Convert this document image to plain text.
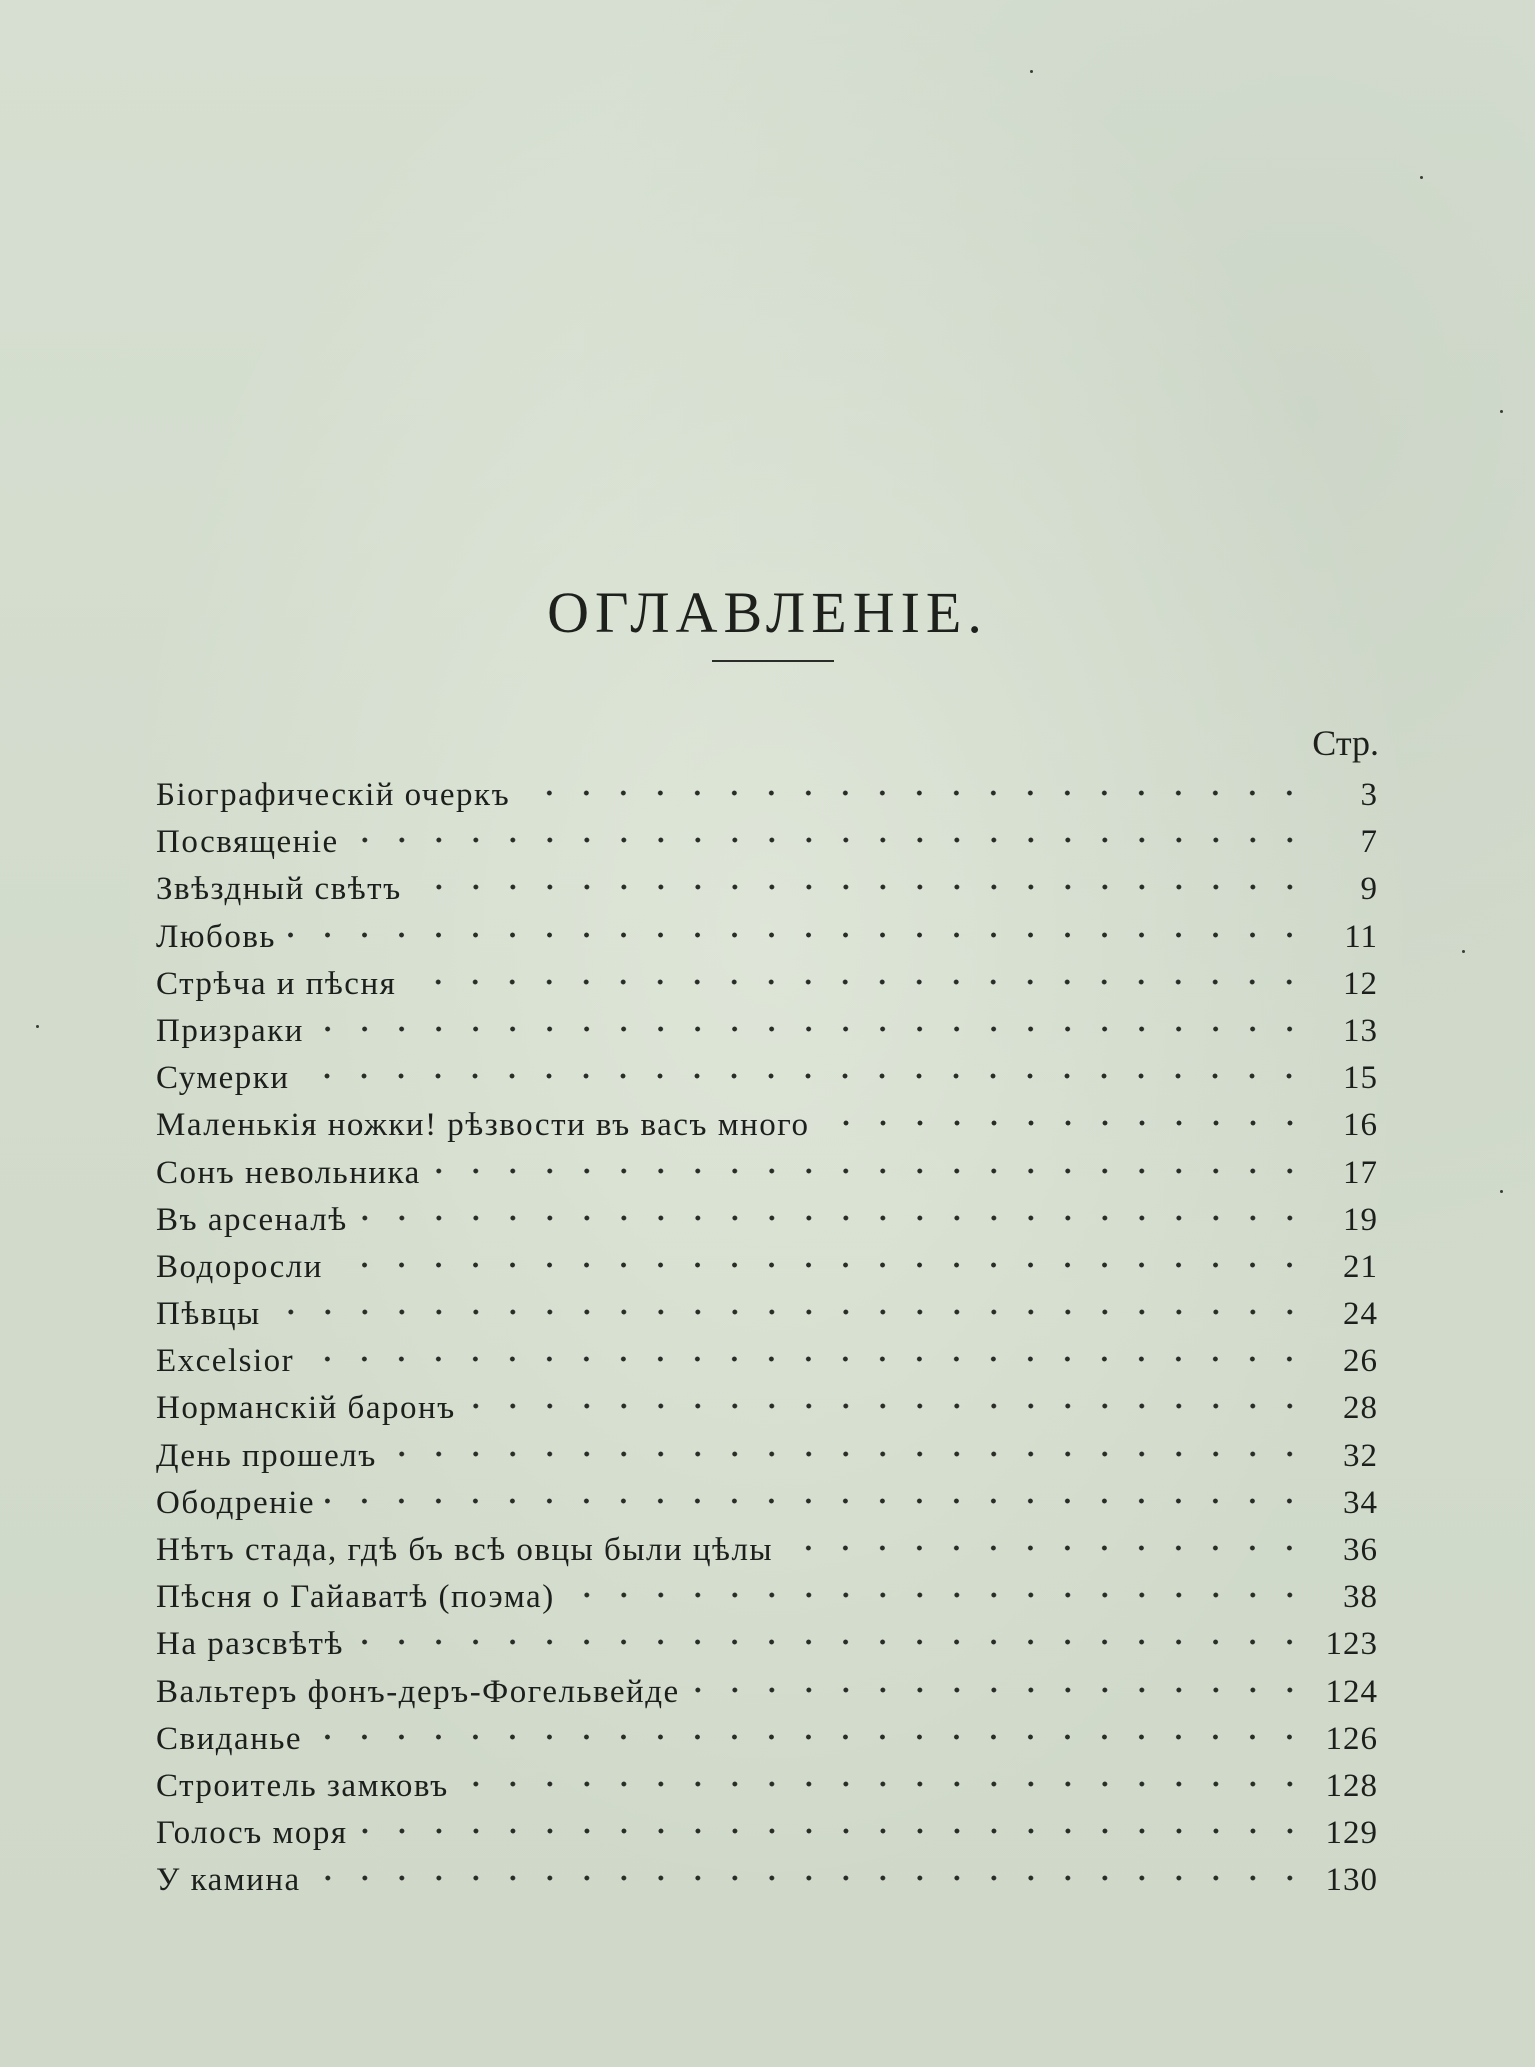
ОГЛАВЛЕНІЕ.
Стр.
Біографическій очеркъ	3
Посвященіе	7
Звѣздный свѣтъ	9
Любовь	11
Стрѣча и пѣсня	12
Призраки	13
Сумерки	15
Маленькія ножки! рѣзвости въ васъ много	16
Сонъ невольника	17
Въ арсеналѣ	19
Водоросли	21
Пѣвцы	24
Excelsior	26
Норманскій баронъ	28
День прошелъ	32
Ободреніе	34
Нѣтъ стада, гдѣ бъ всѣ овцы были цѣлы	36
Пѣсня о Гайаватѣ (поэма)	38
На разсвѣтѣ	123
Вальтеръ фонъ-деръ-Фогельвейде	124
Свиданье	126
Строитель замковъ	128
Голосъ моря	129
У камина	130
